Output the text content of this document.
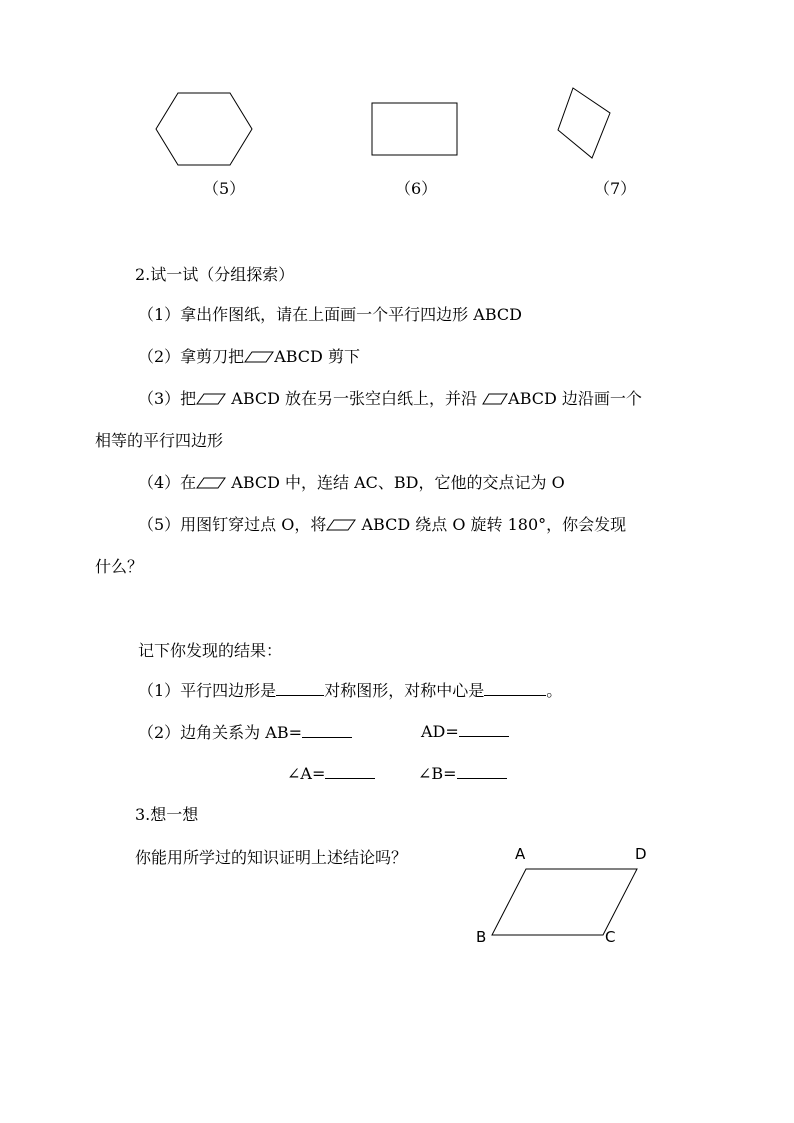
（5）	（6）	（7）
2.试一试（分组探索）
（1）拿出作图纸，请在上面画一个平行四边形 ABCD
（2）拿剪刀把 ABCD 剪下
（3）把 ABCD 放在另一张空白纸上，并沿 ABCD 边沿画一个
相等的平行四边形
（4）在 ABCD 中，连结 AC、BD，它他的交点记为 O
（5）用图钉穿过点 O，将 ABCD 绕点 O 旋转 180°，你会发现
什么？
记下你发现的结果：
（1）平行四边形是	对称图形，对称中心是	。
（2）边角关系为 AB=	AD=
∠A=	∠B=
3.想一想
你能用所学过的知识证明上述结论吗？	A	D
B	C
